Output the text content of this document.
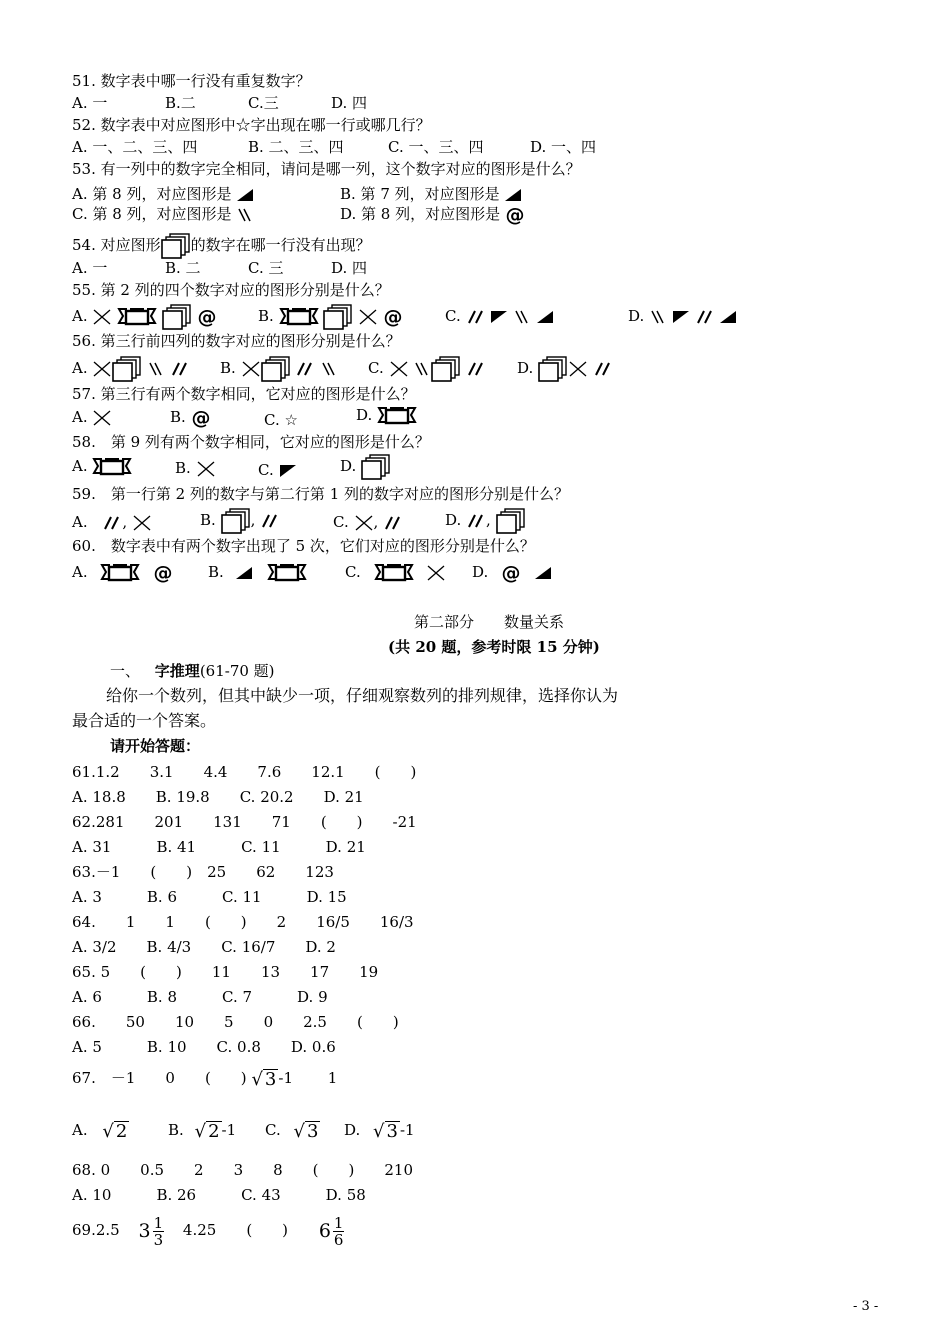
51. 数字表中哪一行没有重复数字？
A. 一	B.二	C.三	D. 四
52. 数字表中对应图形中☆字出现在哪一行或哪几行？
A. 一、二、三、四	B. 二、三、四	C. 一、三、四	D. 一、四
53. 有一列中的数字完全相同，请问是哪一列，这个数字对应的图形是什么？
A. 第 8 列，对应图形是	B. 第 7 列，对应图形是
C. 第 8 列，对应图形是	D. 第 8 列，对应图形是
54. 对应图形 的数字在哪一行没有出现？
A. 一	B. 二	C. 三	D. 四
55. 第 2 列的四个数字对应的图形分别是什么？
A.

	B.

	C.

	D.

56. 第三行前四列的数字对应的图形分别是什么？
A.

	B.

	C.

	D.

57. 第三行有两个数字相同，它对应的图形是什么？
A.	B.	C. ☆	D.
58.　第 9 列有两个数字相同，它对应的图形是什么？
A.	B.	C.	D.
59.　第一行第 2 列的数字与第二行第 1 列的数字对应的图形分别是什么？
A. ,	B. ,	C. ,	D. ,
60.　数字表中有两个数字出现了 5 次，它们对应的图形分别是什么？
A.
	B.
	C.
	D.

第二部分　　数量关系
(共 20 题，参考时限 15 分钟)
一、 字推理(61-70 题)
给你一个数列，但其中缺少一项，仔细观察数列的排列规律，选择你认为
最合适的一个答案。
请开始答题：
61.1.2　　3.1　　4.4　　7.6　　12.1　　(　　)
A. 18.8　　B. 19.8　　C. 20.2　　D. 21
62.281　　201　　131　　71　　(　　)　　-21
A. 31　　　B. 41　　　C. 11　　　D. 21
63.－1　　(　　)　25　　62　　123
A. 3　　　B. 6　　　C. 11　　　D. 15
64.　　1　　1　　(　　)　　2　　16/5　　16/3
A. 3/2　　B. 4/3　　C. 16/7　　D. 2
65. 5　　(　　)　　11　　13　　17　　19
A. 6　　　B. 8　　　C. 7　　　D. 9
66.　　50　　10　　5　　0　　2.5　　(　　)
A. 5　　　B. 10　　C. 0.8　　D. 0.6
67.　－1　　0　　(　　) √ 3 -1 1
A. √ 2	B. √ 2 -1 C. √ 3 D. √ 3 -1
68. 0　　0.5　　2　　3　　8　　(　　)　　210
A. 10　　　B. 26　　　C. 43　　　D. 58
69.2.5 $3 \frac{1}{3} 4.25$　　(　　) $6 \frac{1}{6}$
- 3 -
